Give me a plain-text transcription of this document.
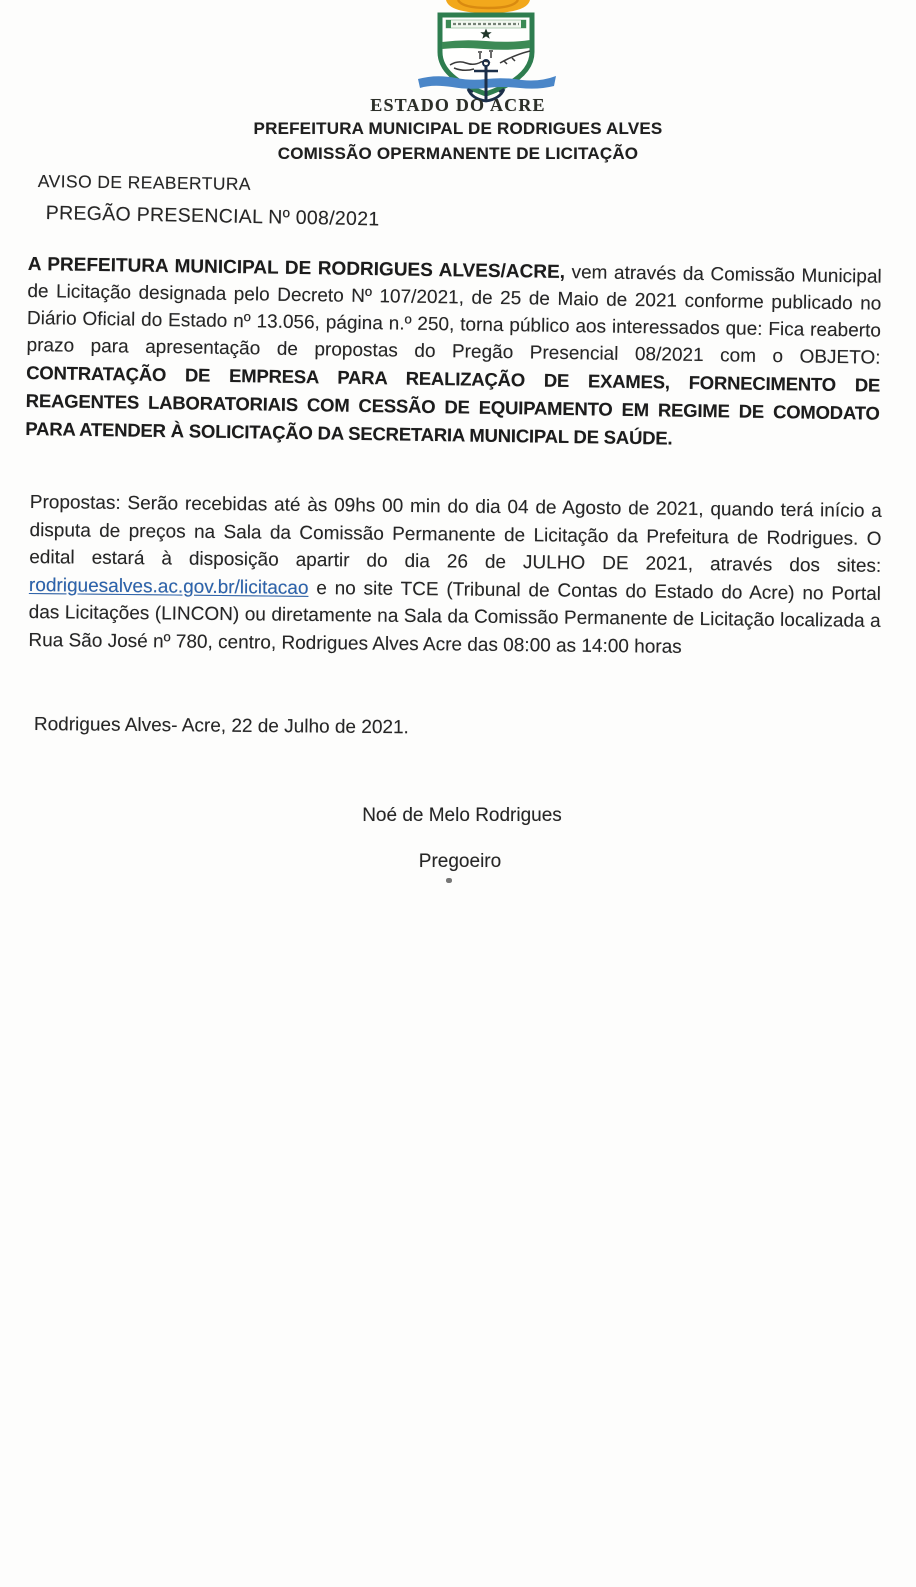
ESTADO DO ACRE
PREFEITURA MUNICIPAL DE RODRIGUES ALVES
COMISSÃO OPERMANENTE DE LICITAÇÃO
AVISO DE REABERTURA
PREGÃO PRESENCIAL Nº 008/2021
A PREFEITURA MUNICIPAL DE RODRIGUES ALVES/ACRE, vem através da Comissão Municipal de Licitação designada pelo Decreto Nº 107/2021, de 25 de Maio de 2021 conforme publicado no Diário Oficial do Estado nº 13.056, página n.º 250, torna público aos interessados que: Fica reaberto prazo para apresentação de propostas do Pregão Presencial 08/2021 com o OBJETO: CONTRATAÇÃO DE EMPRESA PARA REALIZAÇÃO DE EXAMES, FORNECIMENTO DE REAGENTES LABORATORIAIS COM CESSÃO DE EQUIPAMENTO EM REGIME DE COMODATO PARA ATENDER À SOLICITAÇÃO DA SECRETARIA MUNICIPAL DE SAÚDE.
Propostas: Serão recebidas até às 09hs 00 min do dia 04 de Agosto de 2021, quando terá início a disputa de preços na Sala da Comissão Permanente de Licitação da Prefeitura de Rodrigues. O edital estará à disposição apartir do dia 26 de JULHO DE 2021, através dos sites: rodriguesalves.ac.gov.br/licitacao e no site TCE (Tribunal de Contas do Estado do Acre) no Portal das Licitações (LINCON) ou diretamente na Sala da Comissão Permanente de Licitação localizada a Rua São José nº 780, centro, Rodrigues Alves Acre das 08:00 as 14:00 horas
Rodrigues Alves- Acre, 22 de Julho de 2021.
Noé de Melo Rodrigues
Pregoeiro
